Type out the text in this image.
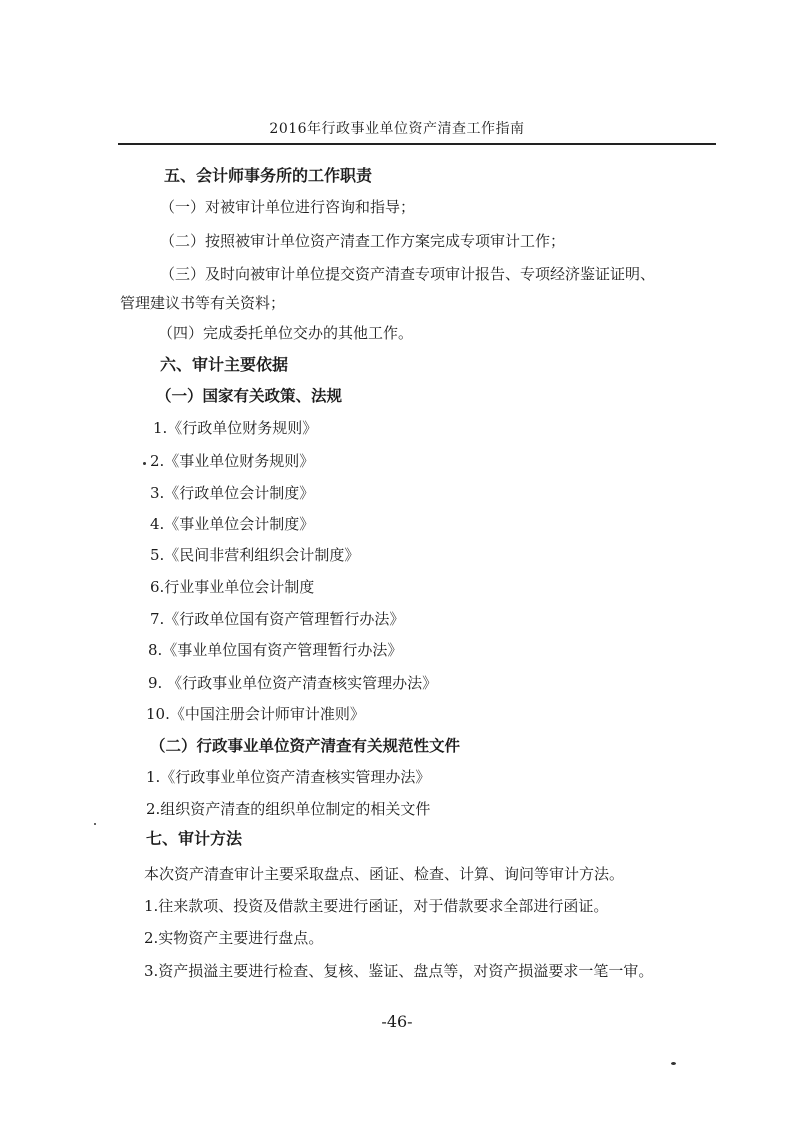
2016年行政事业单位资产清查工作指南
五、会计师事务所的工作职责
（一）对被审计单位进行咨询和指导；
（二）按照被审计单位资产清查工作方案完成专项审计工作；
（三）及时向被审计单位提交资产清查专项审计报告、专项经济鉴证证明、
管理建议书等有关资料；
（四）完成委托单位交办的其他工作。
六、审计主要依据
（一）国家有关政策、法规
1.《行政单位财务规则》
2.《事业单位财务规则》
3.《行政单位会计制度》
4.《事业单位会计制度》
5.《民间非营利组织会计制度》
6.行业事业单位会计制度
7.《行政单位国有资产管理暂行办法》
8.《事业单位国有资产管理暂行办法》
9. 《行政事业单位资产清查核实管理办法》
10.《中国注册会计师审计准则》
（二）行政事业单位资产清查有关规范性文件
1.《行政事业单位资产清查核实管理办法》
2.组织资产清查的组织单位制定的相关文件
七、审计方法
本次资产清查审计主要采取盘点、函证、检查、计算、询问等审计方法。
1.往来款项、投资及借款主要进行函证，对于借款要求全部进行函证。
2.实物资产主要进行盘点。
3.资产损溢主要进行检查、复核、鉴证、盘点等，对资产损溢要求一笔一审。
-46-
